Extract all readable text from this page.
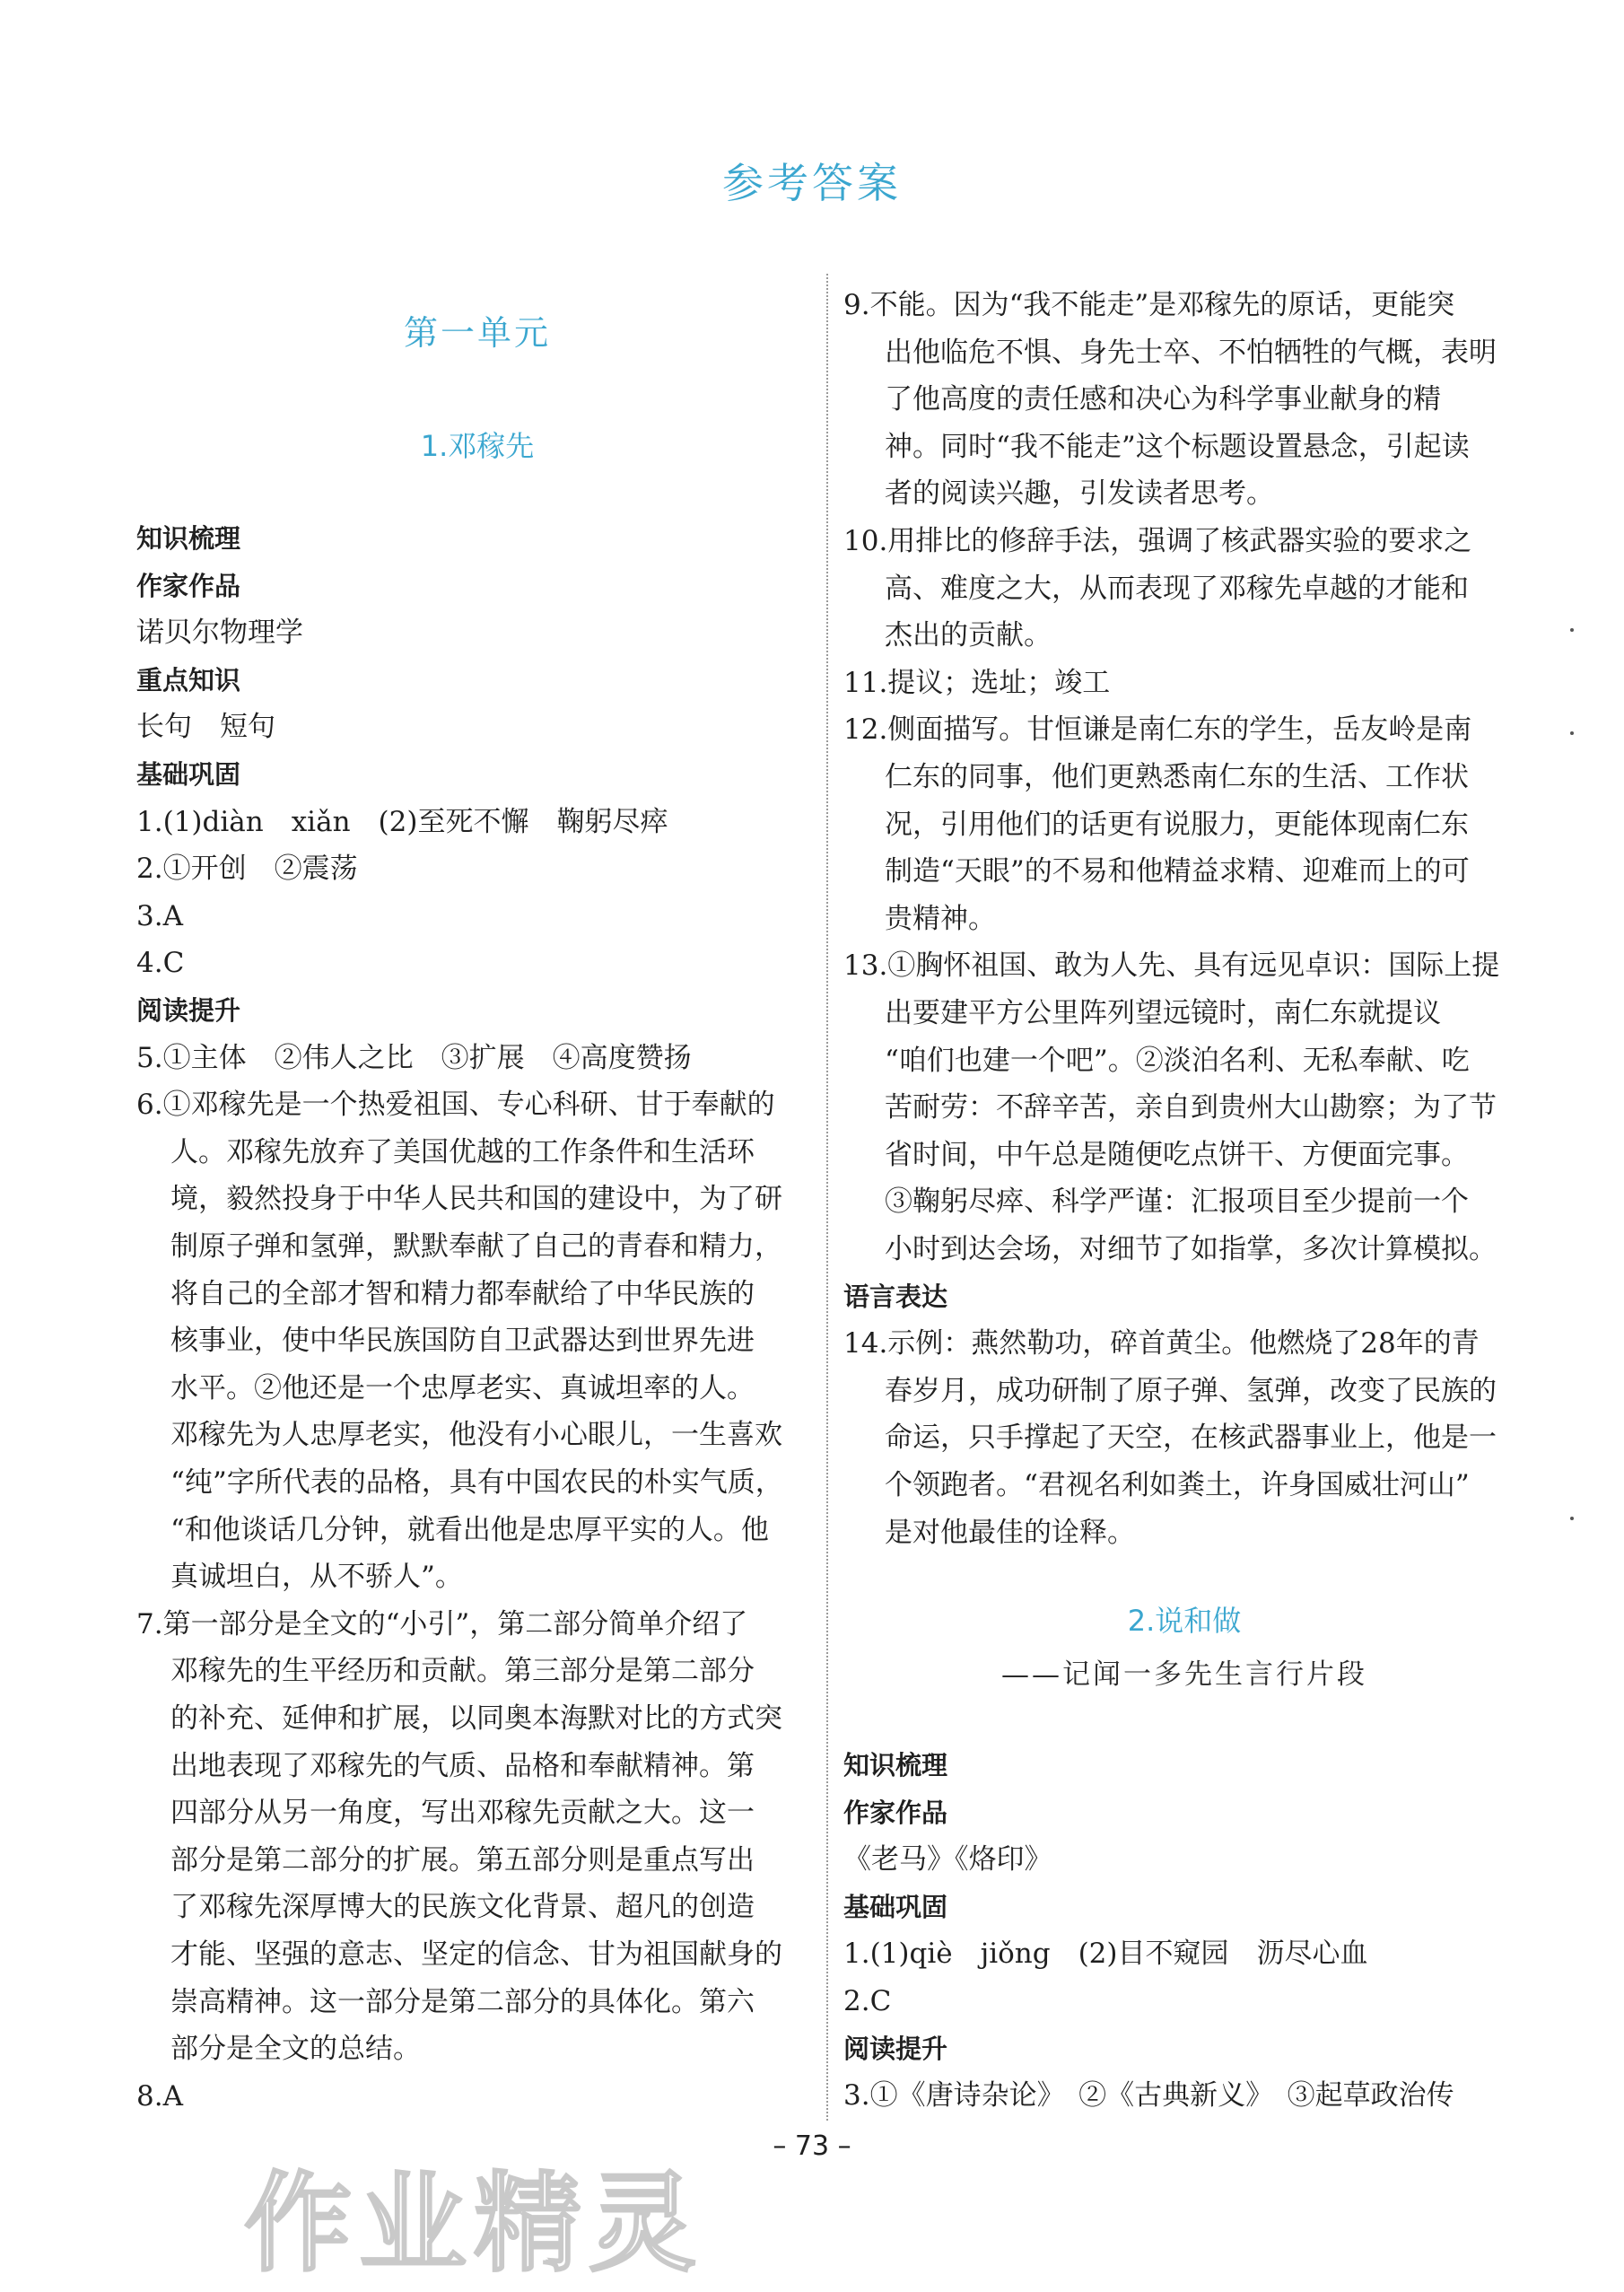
参考答案
第一单元
1.邓稼先
知识梳理
作家作品
诺贝尔物理学
重点知识
长句　短句
基础巩固
1.(1)diàn　xiǎn　(2)至死不懈　鞠躬尽瘁
2.①开创　②震荡
3.A
4.C
阅读提升
5.①主体　②伟人之比　③扩展　④高度赞扬
6.①邓稼先是一个热爱祖国、专心科研、甘于奉献的
人。邓稼先放弃了美国优越的工作条件和生活环
境，毅然投身于中华人民共和国的建设中，为了研
制原子弹和氢弹，默默奉献了自己的青春和精力，
将自己的全部才智和精力都奉献给了中华民族的
核事业，使中华民族国防自卫武器达到世界先进
水平。②他还是一个忠厚老实、真诚坦率的人。
邓稼先为人忠厚老实，他没有小心眼儿，一生喜欢
“纯”字所代表的品格，具有中国农民的朴实气质，
“和他谈话几分钟，就看出他是忠厚平实的人。他
真诚坦白，从不骄人”。
7.第一部分是全文的“小引”，第二部分简单介绍了
邓稼先的生平经历和贡献。第三部分是第二部分
的补充、延伸和扩展，以同奥本海默对比的方式突
出地表现了邓稼先的气质、品格和奉献精神。第
四部分从另一角度，写出邓稼先贡献之大。这一
部分是第二部分的扩展。第五部分则是重点写出
了邓稼先深厚博大的民族文化背景、超凡的创造
才能、坚强的意志、坚定的信念、甘为祖国献身的
崇高精神。这一部分是第二部分的具体化。第六
部分是全文的总结。
8.A
9.不能。因为“我不能走”是邓稼先的原话，更能突
出他临危不惧、身先士卒、不怕牺牲的气概，表明
了他高度的责任感和决心为科学事业献身的精
神。同时“我不能走”这个标题设置悬念，引起读
者的阅读兴趣，引发读者思考。
10.用排比的修辞手法，强调了核武器实验的要求之
高、难度之大，从而表现了邓稼先卓越的才能和
杰出的贡献。
11.提议；选址；竣工
12.侧面描写。甘恒谦是南仁东的学生，岳友岭是南
仁东的同事，他们更熟悉南仁东的生活、工作状
况，引用他们的话更有说服力，更能体现南仁东
制造“天眼”的不易和他精益求精、迎难而上的可
贵精神。
13.①胸怀祖国、敢为人先、具有远见卓识：国际上提
出要建平方公里阵列望远镜时，南仁东就提议
“咱们也建一个吧”。②淡泊名利、无私奉献、吃
苦耐劳：不辞辛苦，亲自到贵州大山勘察；为了节
省时间，中午总是随便吃点饼干、方便面完事。
③鞠躬尽瘁、科学严谨：汇报项目至少提前一个
小时到达会场，对细节了如指掌，多次计算模拟。
语言表达
14.示例：燕然勒功，碎首黄尘。他燃烧了28年的青
春岁月，成功研制了原子弹、氢弹，改变了民族的
命运，只手撑起了天空，在核武器事业上，他是一
个领跑者。“君视名利如粪土，许身国威壮河山”
是对他最佳的诠释。
2.说和做
——记闻一多先生言行片段
知识梳理
作家作品
《老马》《烙印》
基础巩固
1.(1)qiè　jiǒng　(2)目不窥园　沥尽心血
2.C
阅读提升
3.①《唐诗杂论》　②《古典新义》　③起草政治传
– 73 –
作业精灵
